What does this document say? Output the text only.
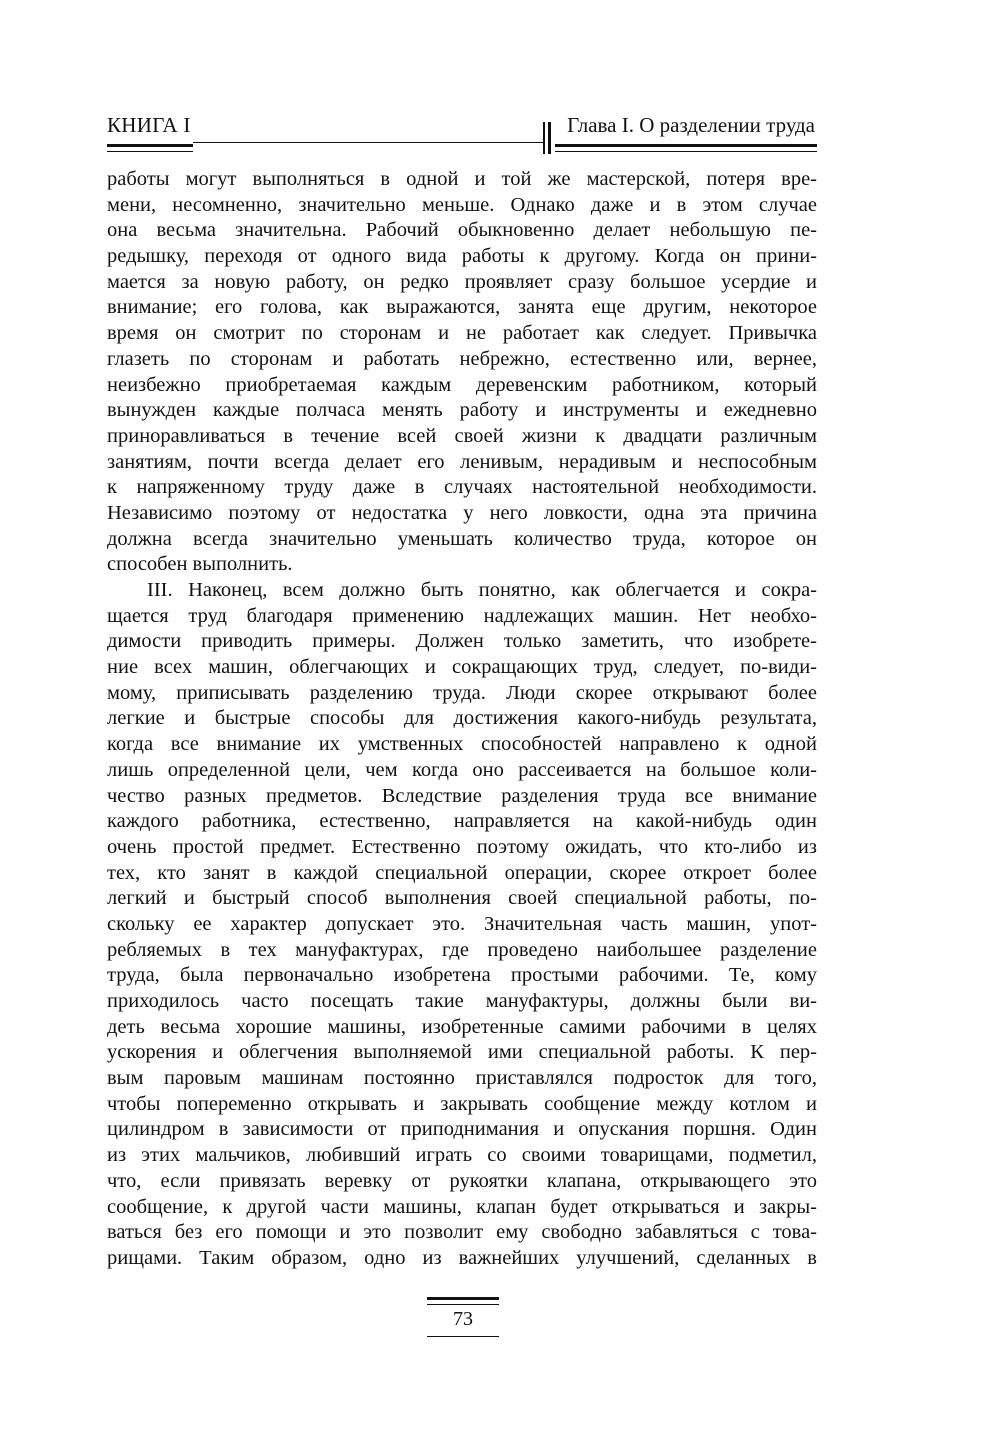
КНИГА I	Глава I. О разделении труда
работы могут выполняться в одной и той же мастерской, потеря вре-
мени, несомненно, значительно меньше. Однако даже и в этом случае
она весьма значительна. Рабочий обыкновенно делает небольшую пе-
редышку, переходя от одного вида работы к другому. Когда он прини-
мается за новую работу, он редко проявляет сразу большое усердие и
внимание; его голова, как выражаются, занята еще другим, некоторое
время он смотрит по сторонам и не работает как следует. Привычка
глазеть по сторонам и работать небрежно, естественно или, вернее,
неизбежно приобретаемая каждым деревенским работником, который
вынужден каждые полчаса менять работу и инструменты и ежедневно
приноравливаться в течение всей своей жизни к двадцати различным
занятиям, почти всегда делает его ленивым, нерадивым и неспособным
к напряженному труду даже в случаях настоятельной необходимости.
Независимо поэтому от недостатка у него ловкости, одна эта причина
должна всегда значительно уменьшать количество труда, которое он
способен выполнить.
III. Наконец, всем должно быть понятно, как облегчается и сокра-
щается труд благодаря применению надлежащих машин. Нет необхо-
димости приводить примеры. Должен только заметить, что изобрете-
ние всех машин, облегчающих и сокращающих труд, следует, по-види-
мому, приписывать разделению труда. Люди скорее открывают более
легкие и быстрые способы для достижения какого-нибудь результата,
когда все внимание их умственных способностей направлено к одной
лишь определенной цели, чем когда оно рассеивается на большое коли-
чество разных предметов. Вследствие разделения труда все внимание
каждого работника, естественно, направляется на какой-нибудь один
очень простой предмет. Естественно поэтому ожидать, что кто-либо из
тех, кто занят в каждой специальной операции, скорее откроет более
легкий и быстрый способ выполнения своей специальной работы, по-
скольку ее характер допускает это. Значительная часть машин, упот-
ребляемых в тех мануфактурах, где проведено наибольшее разделение
труда, была первоначально изобретена простыми рабочими. Те, кому
приходилось часто посещать такие мануфактуры, должны были ви-
деть весьма хорошие машины, изобретенные самими рабочими в целях
ускорения и облегчения выполняемой ими специальной работы. К пер-
вым паровым машинам постоянно приставлялся подросток для того,
чтобы попеременно открывать и закрывать сообщение между котлом и
цилиндром в зависимости от приподнимания и опускания поршня. Один
из этих мальчиков, любивший играть со своими товарищами, подметил,
что, если привязать веревку от рукоятки клапана, открывающего это
сообщение, к другой части машины, клапан будет открываться и закры-
ваться без его помощи и это позволит ему свободно забавляться с това-
рищами. Таким образом, одно из важнейших улучшений, сделанных в
73
